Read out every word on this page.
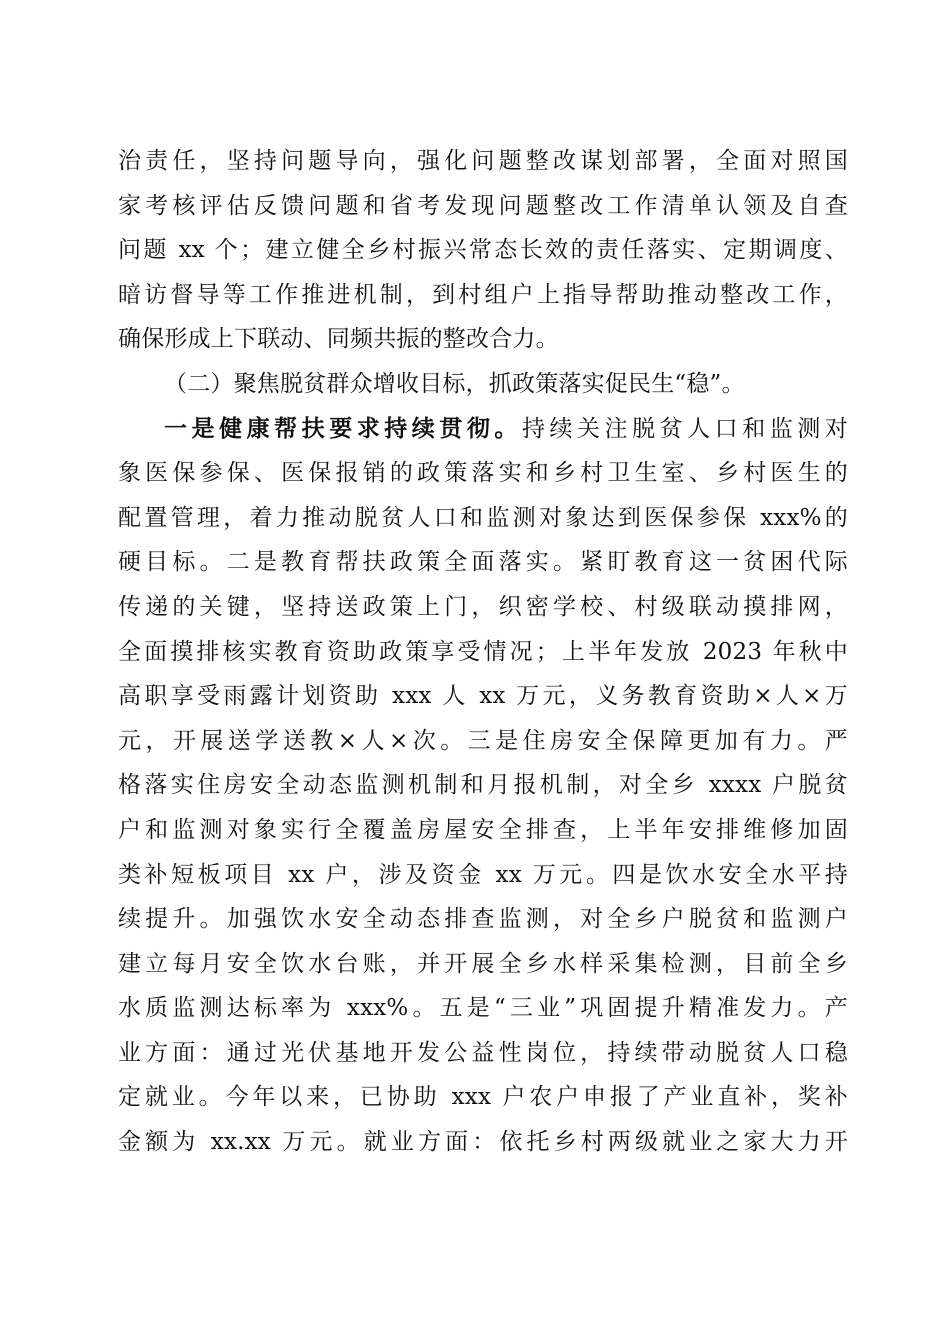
治责任，坚持问题导向，强化问题整改谋划部署，全面对照国
家考核评估反馈问题和省考发现问题整改工作清单认领及自查
问题 xx 个；建立健全乡村振兴常态长效的责任落实、定期调度、
暗访督导等工作推进机制，到村组户上指导帮助推动整改工作，
确保形成上下联动、同频共振的整改合力。
（二）聚焦脱贫群众增收目标，抓政策落实促民生“稳”。
一是健康帮扶要求持续贯彻。持续关注脱贫人口和监测对
象医保参保、医保报销的政策落实和乡村卫生室、乡村医生的
配置管理，着力推动脱贫人口和监测对象达到医保参保 xxx%的
硬目标。二是教育帮扶政策全面落实。紧盯教育这一贫困代际
传递的关键，坚持送政策上门，织密学校、村级联动摸排网，
全面摸排核实教育资助政策享受情况；上半年发放 2023 年秋中
高职享受雨露计划资助 xxx 人 xx 万元，义务教育资助×人×万
元，开展送学送教×人×次。三是住房安全保障更加有力。严
格落实住房安全动态监测机制和月报机制，对全乡 xxxx 户脱贫
户和监测对象实行全覆盖房屋安全排查，上半年安排维修加固
类补短板项目 xx 户，涉及资金 xx 万元。四是饮水安全水平持
续提升。加强饮水安全动态排查监测，对全乡户脱贫和监测户
建立每月安全饮水台账，并开展全乡水样采集检测，目前全乡
水质监测达标率为 xxx%。五是“三业”巩固提升精准发力。产
业方面：通过光伏基地开发公益性岗位，持续带动脱贫人口稳
定就业。今年以来，已协助 xxx 户农户申报了产业直补，奖补
金额为 xx.xx 万元。就业方面：依托乡村两级就业之家大力开
